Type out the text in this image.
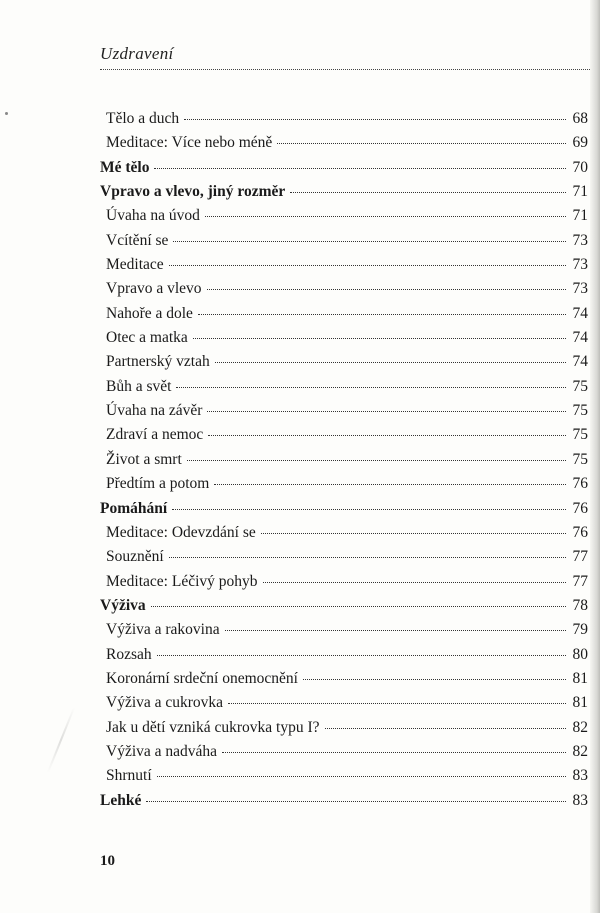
Uzdravení
Tělo a duch	68
Meditace: Více nebo méně	69
Mé tělo	70
Vpravo a vlevo, jiný rozměr	71
Úvaha na úvod	71
Vcítění se	73
Meditace	73
Vpravo a vlevo	73
Nahoře a dole	74
Otec a matka	74
Partnerský vztah	74
Bůh a svět	75
Úvaha na závěr	75
Zdraví a nemoc	75
Život a smrt	75
Předtím a potom	76
Pomáhání	76
Meditace: Odevzdání se	76
Souznění	77
Meditace: Léčivý pohyb	77
Výživa	78
Výživa a rakovina	79
Rozsah	80
Koronární srdeční onemocnění	81
Výživa a cukrovka	81
Jak u dětí vzniká cukrovka typu I?	82
Výživa a nadváha	82
Shrnutí	83
Lehké	83
10
